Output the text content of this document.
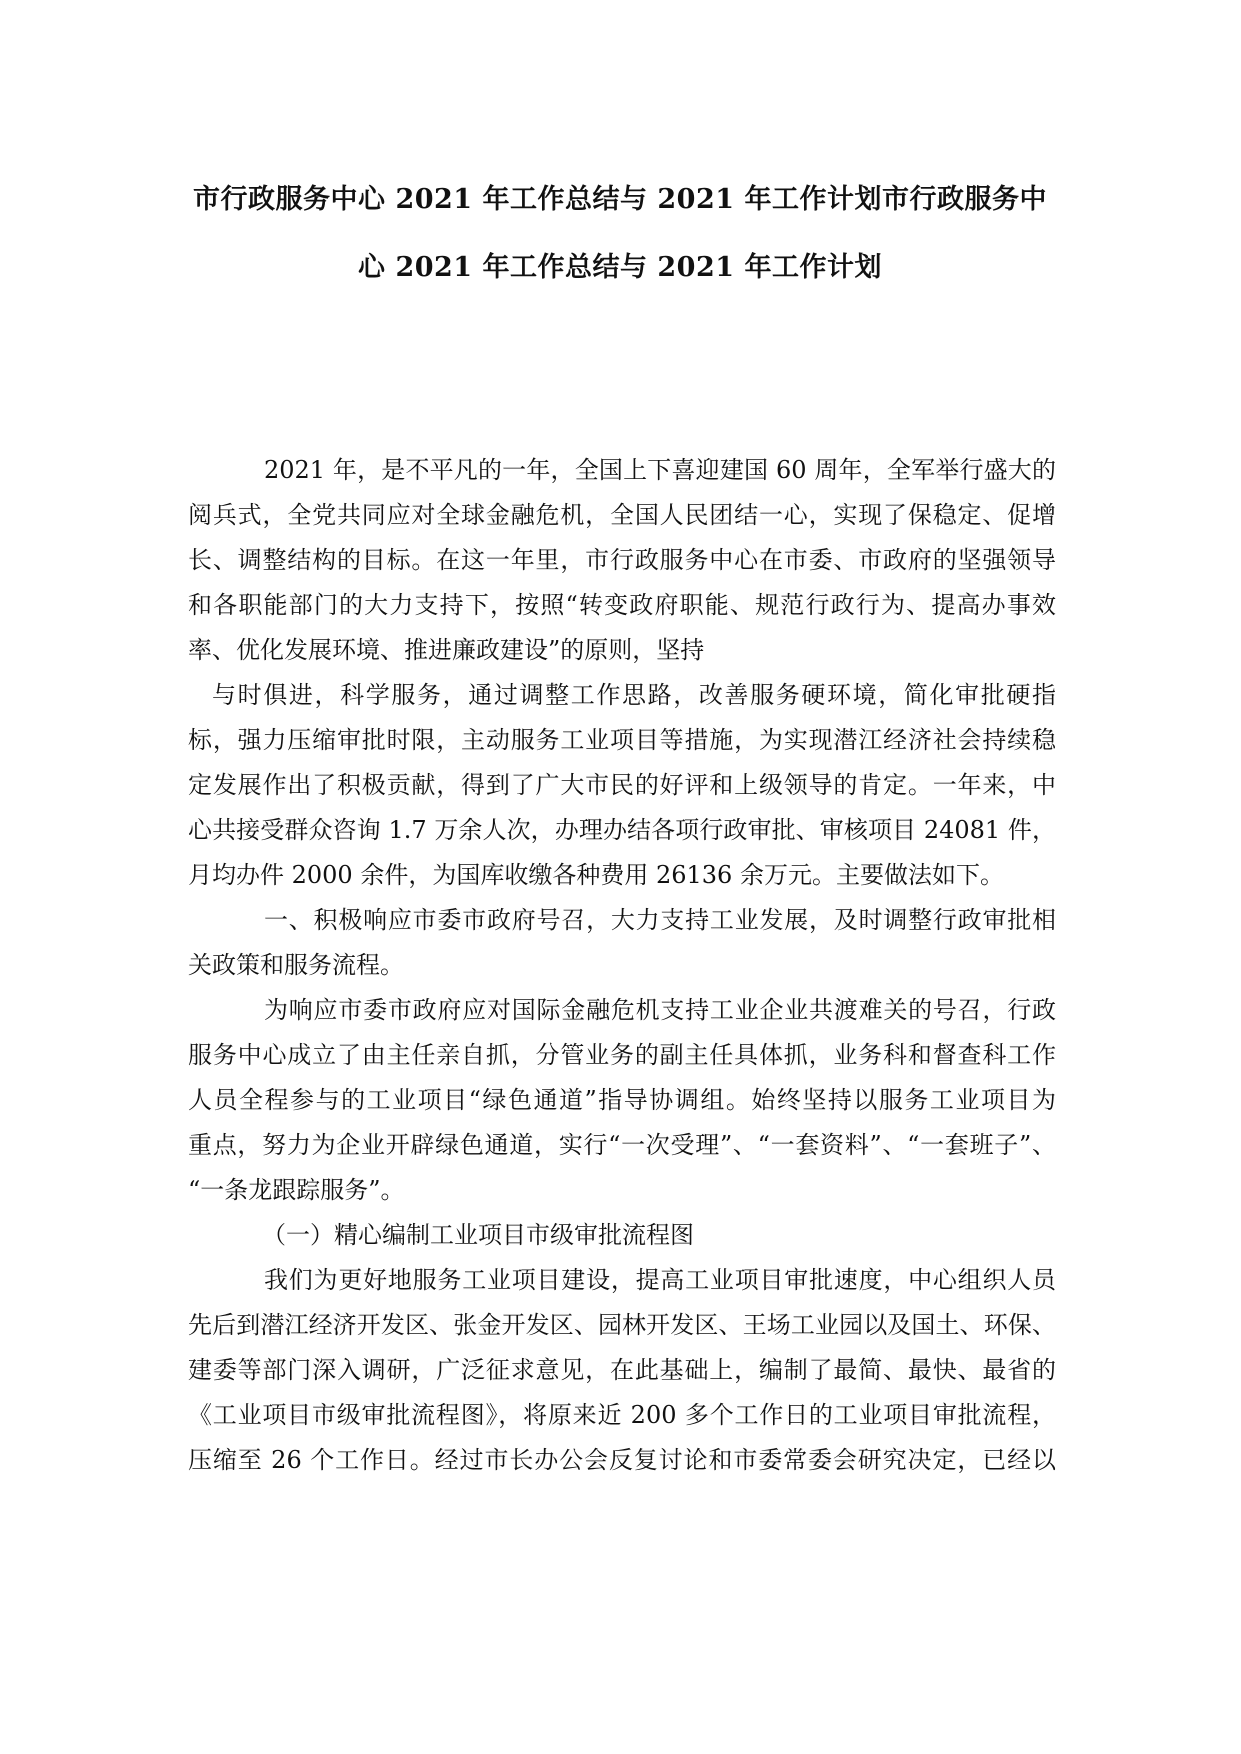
市行政服务中心 2021 年工作总结与 2021 年工作计划市行政服务中
心 2021 年工作总结与 2021 年工作计划
2021 年，是不平凡的一年，全国上下喜迎建国 60 周年，全军举行盛大的
阅兵式，全党共同应对全球金融危机，全国人民团结一心，实现了保稳定、促增
长、调整结构的目标。在这一年里，市行政服务中心在市委、市政府的坚强领导
和各职能部门的大力支持下，按照“转变政府职能、规范行政行为、提高办事效
率、优化发展环境、推进廉政建设”的原则，坚持
与时俱进，科学服务，通过调整工作思路，改善服务硬环境，简化审批硬指
标，强力压缩审批时限，主动服务工业项目等措施，为实现潜江经济社会持续稳
定发展作出了积极贡献，得到了广大市民的好评和上级领导的肯定。一年来，中
心共接受群众咨询 1.7 万余人次，办理办结各项行政审批、审核项目 24081 件，
月均办件 2000 余件，为国库收缴各种费用 26136 余万元。主要做法如下。
一、积极响应市委市政府号召，大力支持工业发展，及时调整行政审批相
关政策和服务流程。
为响应市委市政府应对国际金融危机支持工业企业共渡难关的号召，行政
服务中心成立了由主任亲自抓，分管业务的副主任具体抓，业务科和督查科工作
人员全程参与的工业项目“绿色通道”指导协调组。始终坚持以服务工业项目为
重点，努力为企业开辟绿色通道，实行“一次受理”、“一套资料”、“一套班子”、
“一条龙跟踪服务”。
（一）精心编制工业项目市级审批流程图
我们为更好地服务工业项目建设，提高工业项目审批速度，中心组织人员
先后到潜江经济开发区、张金开发区、园林开发区、王场工业园以及国土、环保、
建委等部门深入调研，广泛征求意见，在此基础上，编制了最简、最快、最省的
《工业项目市级审批流程图》，将原来近 200 多个工作日的工业项目审批流程，
压缩至 26 个工作日。经过市长办公会反复讨论和市委常委会研究决定，已经以
